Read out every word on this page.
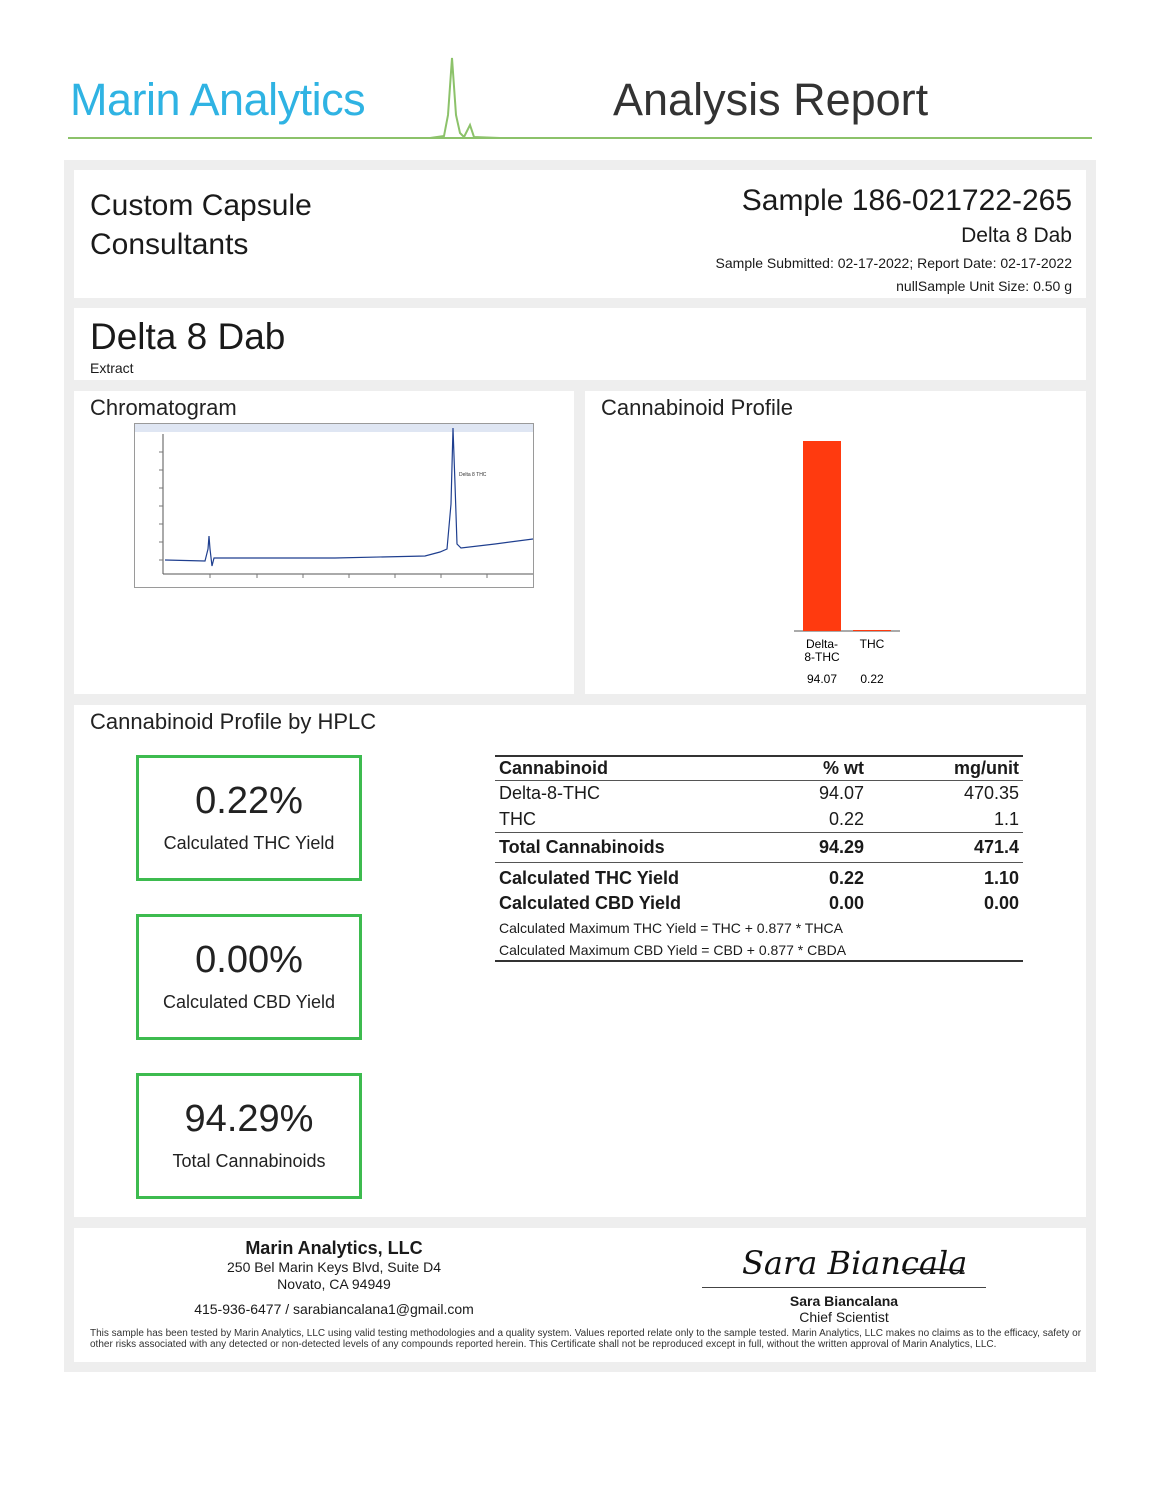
Marin Analytics	Analysis Report
Custom Capsule Consultants
Sample 186-021722-265
Delta 8 Dab
Sample Submitted: 02-17-2022; Report Date: 02-17-2022
nullSample Unit Size: 0.50 g
Delta 8 Dab
Extract
Chromatogram
Delta 8 THC
Cannabinoid Profile
Delta-8-THC
94.07
THC
0.22
Cannabinoid Profile by HPLC
0.22%
Calculated THC Yield
0.00%
Calculated CBD Yield
94.29%
Total Cannabinoids
Cannabinoid	% wt	mg/unit
Delta-8-THC	94.07	470.35
THC	0.22	1.1
Total Cannabinoids	94.29	471.4
Calculated THC Yield	0.22	1.10
Calculated CBD Yield	0.00	0.00
Calculated Maximum THC Yield = THC + 0.877 * THCA		
Calculated Maximum CBD Yield = CBD + 0.877 * CBDA		
Marin Analytics, LLC
250 Bel Marin Keys Blvd, Suite D4
Novato, CA 94949
415-936-6477 / sarabiancalana1@gmail.com
Sara Biancala
Sara Biancalana
Chief Scientist
This sample has been tested by Marin Analytics, LLC using valid testing methodologies and a quality system. Values reported relate only to the sample tested. Marin Analytics, LLC makes no claims as to the efficacy, safety or other risks associated with any detected or non-detected levels of any compounds reported herein. This Certificate shall not be reproduced except in full, without the written approval of Marin Analytics, LLC.
